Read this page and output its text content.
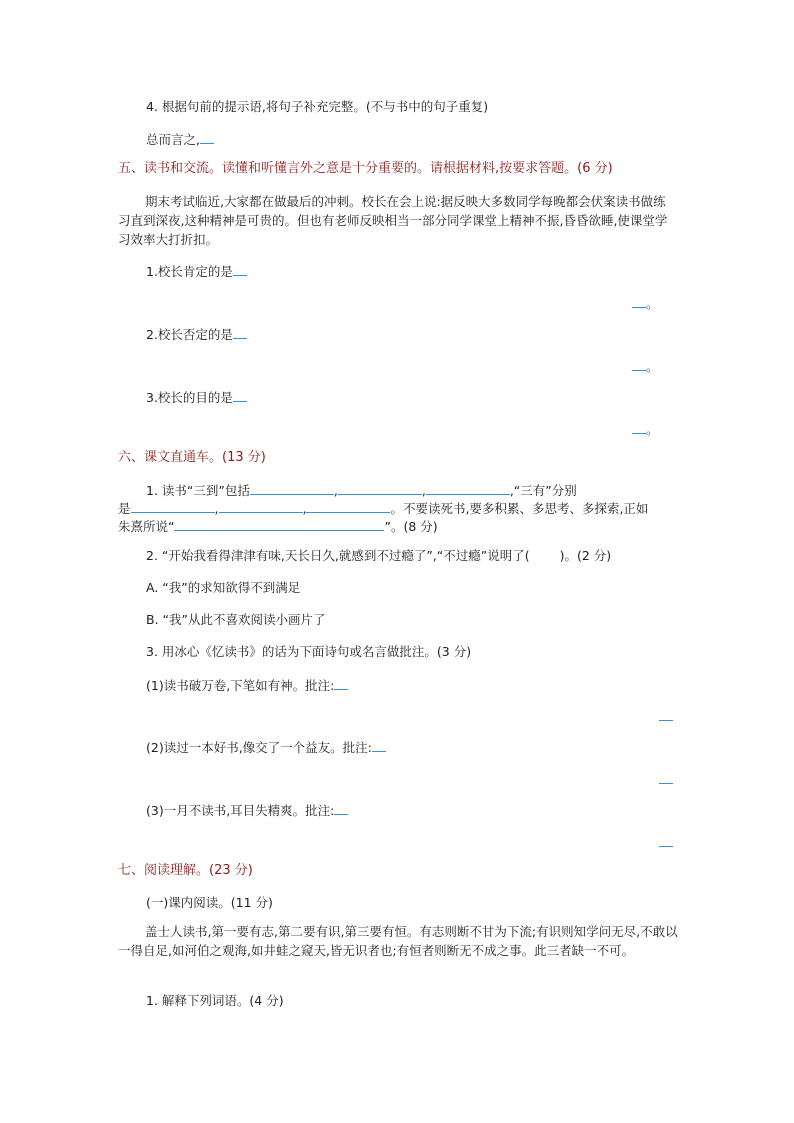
4. 根据句前的提示语,将句子补充完整。(不与书中的句子重复)
总而言之,
五、读书和交流。读懂和听懂言外之意是十分重要的。请根据材料,按要求答题。(6 分)
期末考试临近,大家都在做最后的冲刺。校长在会上说:据反映大多数同学每晚都会伏案读书做练习直到深夜,这种精神是可贵的。但也有老师反映相当一部分同学课堂上精神不振,昏昏欲睡,使课堂学习效率大打折扣。
1.校长肯定的是
。
2.校长否定的是
。
3.校长的目的是
。
六、课文直通车。(13 分)
1. 读书“三到”包括	,	,	,“三有”分别
是	,	,	。不要读死书,要多积累、多思考、多探索,正如
朱熹所说“	”。(8 分)
2. “开始我看得津津有味,天长日久,就感到不过瘾了”,“不过瘾”说明了( )。(2 分)
A. “我”的求知欲得不到满足
B. “我”从此不喜欢阅读小画片了
3. 用冰心《忆读书》的话为下面诗句或名言做批注。(3 分)
(1)读书破万卷,下笔如有神。批注:
(2)读过一本好书,像交了一个益友。批注:
(3)一月不读书,耳目失精爽。批注:
七、阅读理解。(23 分)
(一)课内阅读。(11 分)
盖士人读书,第一要有志,第二要有识,第三要有恒。有志则断不甘为下流;有识则知学问无尽,不敢以一得自足,如河伯之观海,如井蛙之窥天,皆无识者也;有恒者则断无不成之事。此三者缺一不可。
1. 解释下列词语。(4 分)
